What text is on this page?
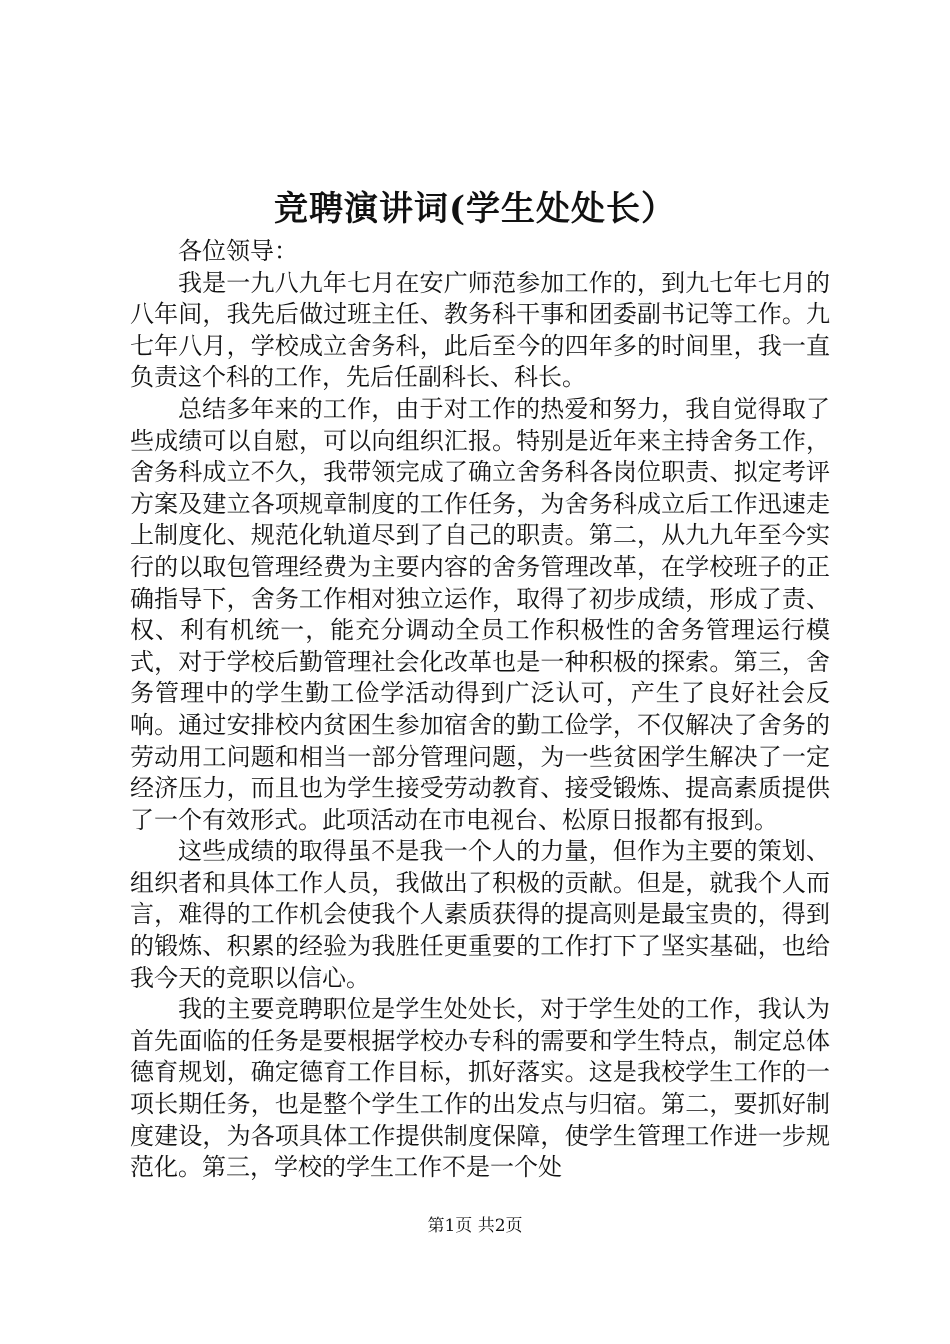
竞聘演讲词(学生处处长）

各位领导：

我是一九八九年七月在安广师范参加工作的，到九七年七月的八年间，我先后做过班主任、教务科干事和团委副书记等工作。九七年八月，学校成立舍务科，此后至今的四年多的时间里，我一直负责这个科的工作，先后任副科长、科长。

总结多年来的工作，由于对工作的热爱和努力，我自觉得取了些成绩可以自慰，可以向组织汇报。特别是近年来主持舍务工作，舍务科成立不久，我带领完成了确立舍务科各岗位职责、拟定考评方案及建立各项规章制度的工作任务，为舍务科成立后工作迅速走上制度化、规范化轨道尽到了自己的职责。第二，从九九年至今实行的以取包管理经费为主要内容的舍务管理改革，在学校班子的正确指导下，舍务工作相对独立运作，取得了初步成绩，形成了责、权、利有机统一，能充分调动全员工作积极性的舍务管理运行模式，对于学校后勤管理社会化改革也是一种积极的探索。第三，舍务管理中的学生勤工俭学活动得到广泛认可，产生了良好社会反响。通过安排校内贫困生参加宿舍的勤工俭学，不仅解决了舍务的劳动用工问题和相当一部分管理问题，为一些贫困学生解决了一定经济压力，而且也为学生接受劳动教育、接受锻炼、提高素质提供了一个有效形式。此项活动在市电视台、松原日报都有报到。

这些成绩的取得虽不是我一个人的力量，但作为主要的策划、组织者和具体工作人员，我做出了积极的贡献。但是，就我个人而言，难得的工作机会使我个人素质获得的提高则是最宝贵的，得到的锻炼、积累的经验为我胜任更重要的工作打下了坚实基础，也给我今天的竞职以信心。

我的主要竞聘职位是学生处处长，对于学生处的工作，我认为首先面临的任务是要根据学校办专科的需要和学生特点，制定总体德育规划，确定德育工作目标，抓好落实。这是我校学生工作的一项长期任务，也是整个学生工作的出发点与归宿。第二，要抓好制度建设，为各项具体工作提供制度保障，使学生管理工作进一步规范化。第三，学校的学生工作不是一个处

第1页 共2页
